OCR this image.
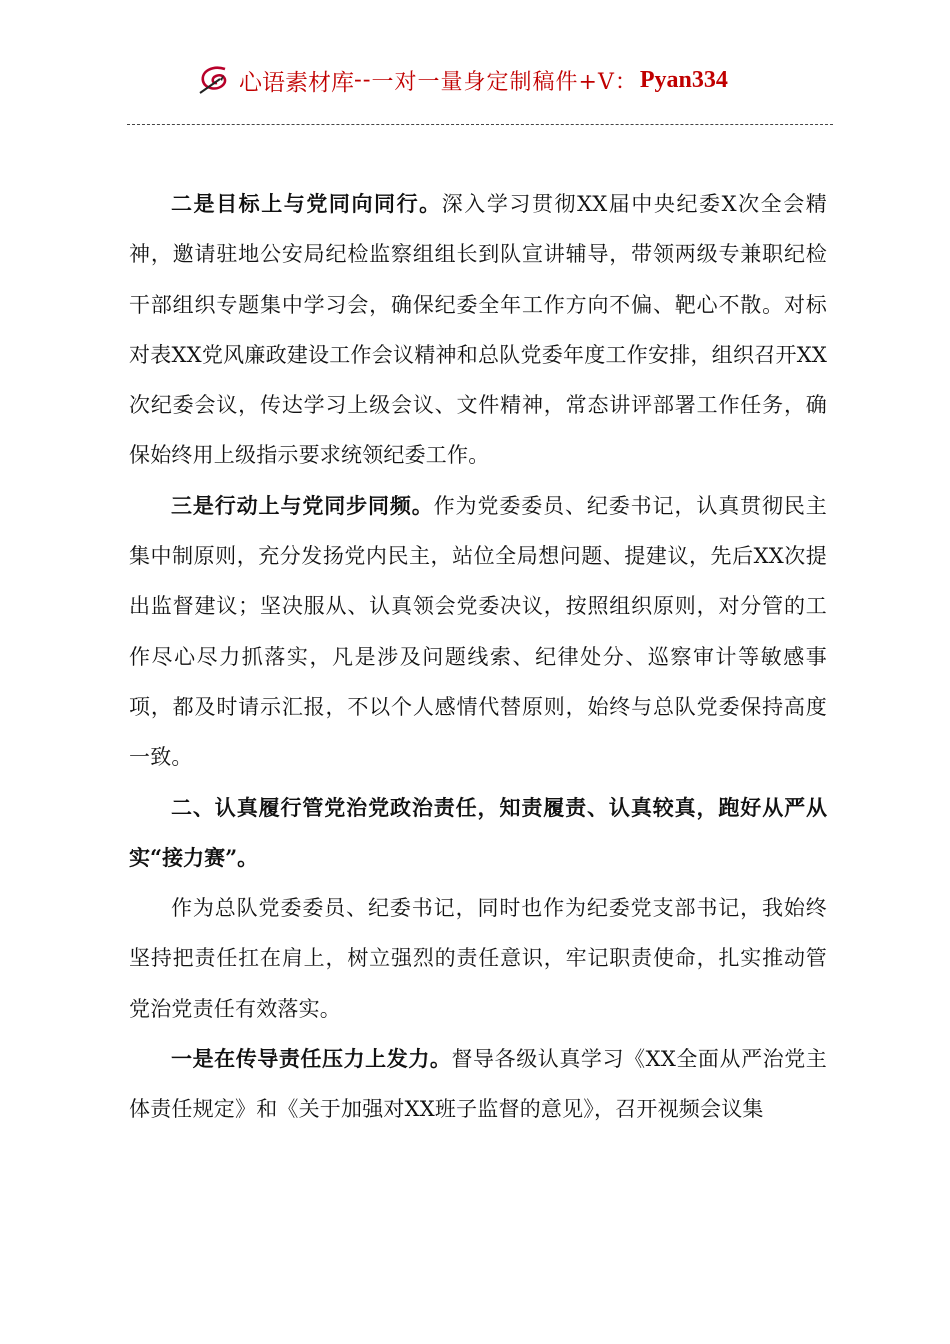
心语素材库 -- 一对一量身定制稿件+V： Pyan334

二是目标上与党同向同行。深入学习贯彻XX届中央纪委X次全会精神，邀请驻地公安局纪检监察组组长到队宣讲辅导，带领两级专兼职纪检干部组织专题集中学习会，确保纪委全年工作方向不偏、靶心不散。对标对表XX党风廉政建设工作会议精神和总队党委年度工作安排，组织召开XX次纪委会议，传达学习上级会议、文件精神，常态讲评部署工作任务，确保始终用上级指示要求统领纪委工作。

三是行动上与党同步同频。作为党委委员、纪委书记，认真贯彻民主集中制原则，充分发扬党内民主，站位全局想问题、提建议，先后XX次提出监督建议；坚决服从、认真领会党委决议，按照组织原则，对分管的工作尽心尽力抓落实，凡是涉及问题线索、纪律处分、巡察审计等敏感事项，都及时请示汇报，不以个人感情代替原则，始终与总队党委保持高度一致。

二、认真履行管党治党政治责任，知责履责、认真较真，跑好从严从实“接力赛”。

作为总队党委委员、纪委书记，同时也作为纪委党支部书记，我始终坚持把责任扛在肩上，树立强烈的责任意识，牢记职责使命，扎实推动管党治党责任有效落实。

一是在传导责任压力上发力。督导各级认真学习《XX全面从严治党主体责任规定》和《关于加强对XX班子监督的意见》，召开视频会议集
